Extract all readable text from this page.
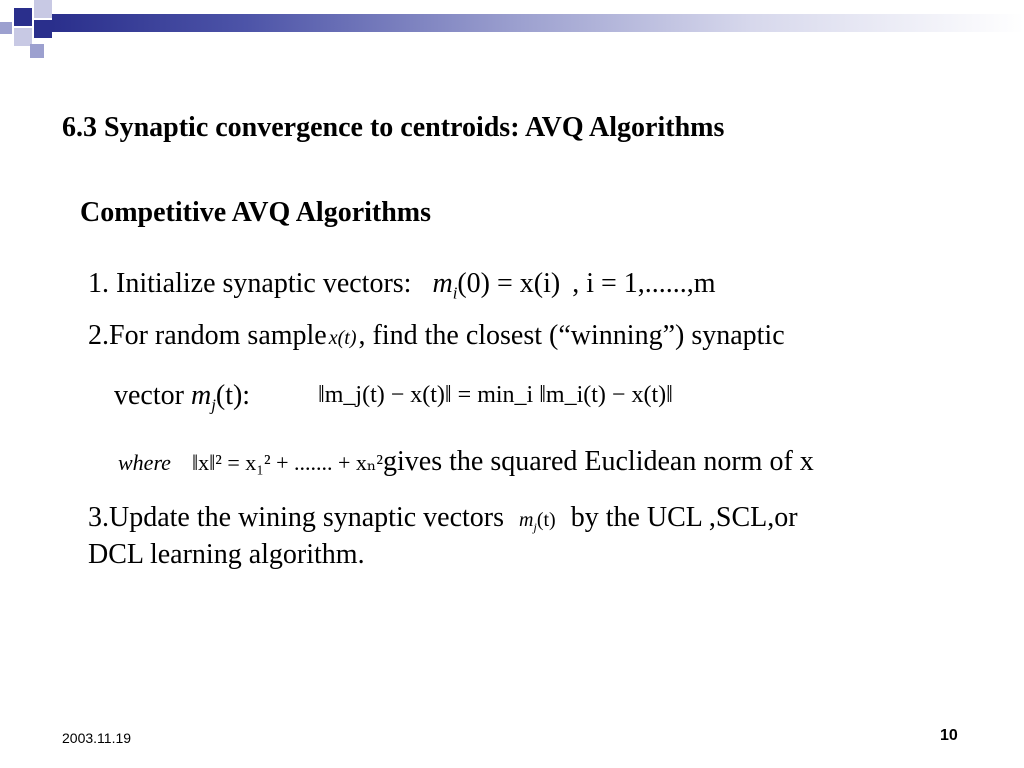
6.3 Synaptic convergence to centroids: AVQ Algorithms
Competitive AVQ Algorithms
1. Initialize synaptic vectors: $m_i(0) = x(i)$ , i = 1,......,m
2.For random sample x(t), find the closest (“winning”) synaptic
vector $m_j(t)$:	‖m_j(t) − x(t)‖ = min_i ‖m_i(t) − x(t)‖
where ‖x‖² = x₁² + ....... + xₙ²gives the squared Euclidean norm of x
3.Update the wining synaptic vectors $m_j(t)$ by the UCL ,SCL,or
DCL learning algorithm.
2003.11.19	10
